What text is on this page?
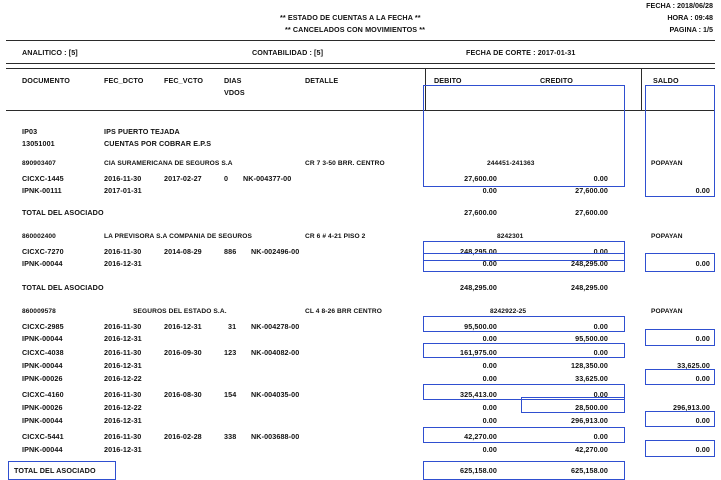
FECHA : 2018/06/28
HORA : 09:48
PAGINA : 1/5
** ESTADO DE CUENTAS A LA FECHA **
** CANCELADOS CON MOVIMIENTOS **
ANALITICO : [5]	CONTABILIDAD : [5]	FECHA DE CORTE : 2017-01-31
DOCUMENTO	FEC_DCTO	FEC_VCTO	DIAS
VDOS
DETALLE	DEBITO	CREDITO	SALDO
IP03
13051001
IPS PUERTO TEJADA
CUENTAS POR COBRAR E.P.S
890903407	CIA SURAMERICANA DE SEGUROS S.A	CR 7 3-50 BRR. CENTRO	244451-241363	POPAYAN
CICXC-1445	2016-11-30	2017-02-27	0 NK-004377-00	27,600.00	0.00
IPNK-00111	2017-01-31	0.00	27,600.00	0.00
TOTAL DEL ASOCIADO	27,600.00	27,600.00
860002400	LA PREVISORA S.A COMPANIA DE SEGUROS	CR 6 # 4-21 PISO 2	8242301	POPAYAN
CICXC-7270	2016-11-30	2014-08-29	886 NK-002496-00	248,295.00	0.00
IPNK-00044	2016-12-31	0.00	248,295.00	0.00
TOTAL DEL ASOCIADO	248,295.00	248,295.00
860009578	SEGUROS DEL ESTADO S.A.	CL 4 8-26 BRR CENTRO	8242922-25	POPAYAN
CICXC-2985	2016-11-30	2016-12-31	31 NK-004278-00	95,500.00	0.00
IPNK-00044	2016-12-31	0.00	95,500.00	0.00
CICXC-4038	2016-11-30	2016-09-30	123 NK-004082-00	161,975.00	0.00
IPNK-00044	2016-12-31	0.00	128,350.00	33,625.00
IPNK-00026	2016-12-22	0.00	33,625.00	0.00
CICXC-4160	2016-11-30	2016-08-30	154 NK-004035-00	325,413.00	0.00
IPNK-00026	2016-12-22	0.00	28,500.00	296,913.00
IPNK-00044	2016-12-31	0.00	296,913.00	0.00
CICXC-5441	2016-11-30	2016-02-28	338 NK-003688-00	42,270.00	0.00
IPNK-00044	2016-12-31	0.00	42,270.00	0.00
TOTAL DEL ASOCIADO	625,158.00	625,158.00
